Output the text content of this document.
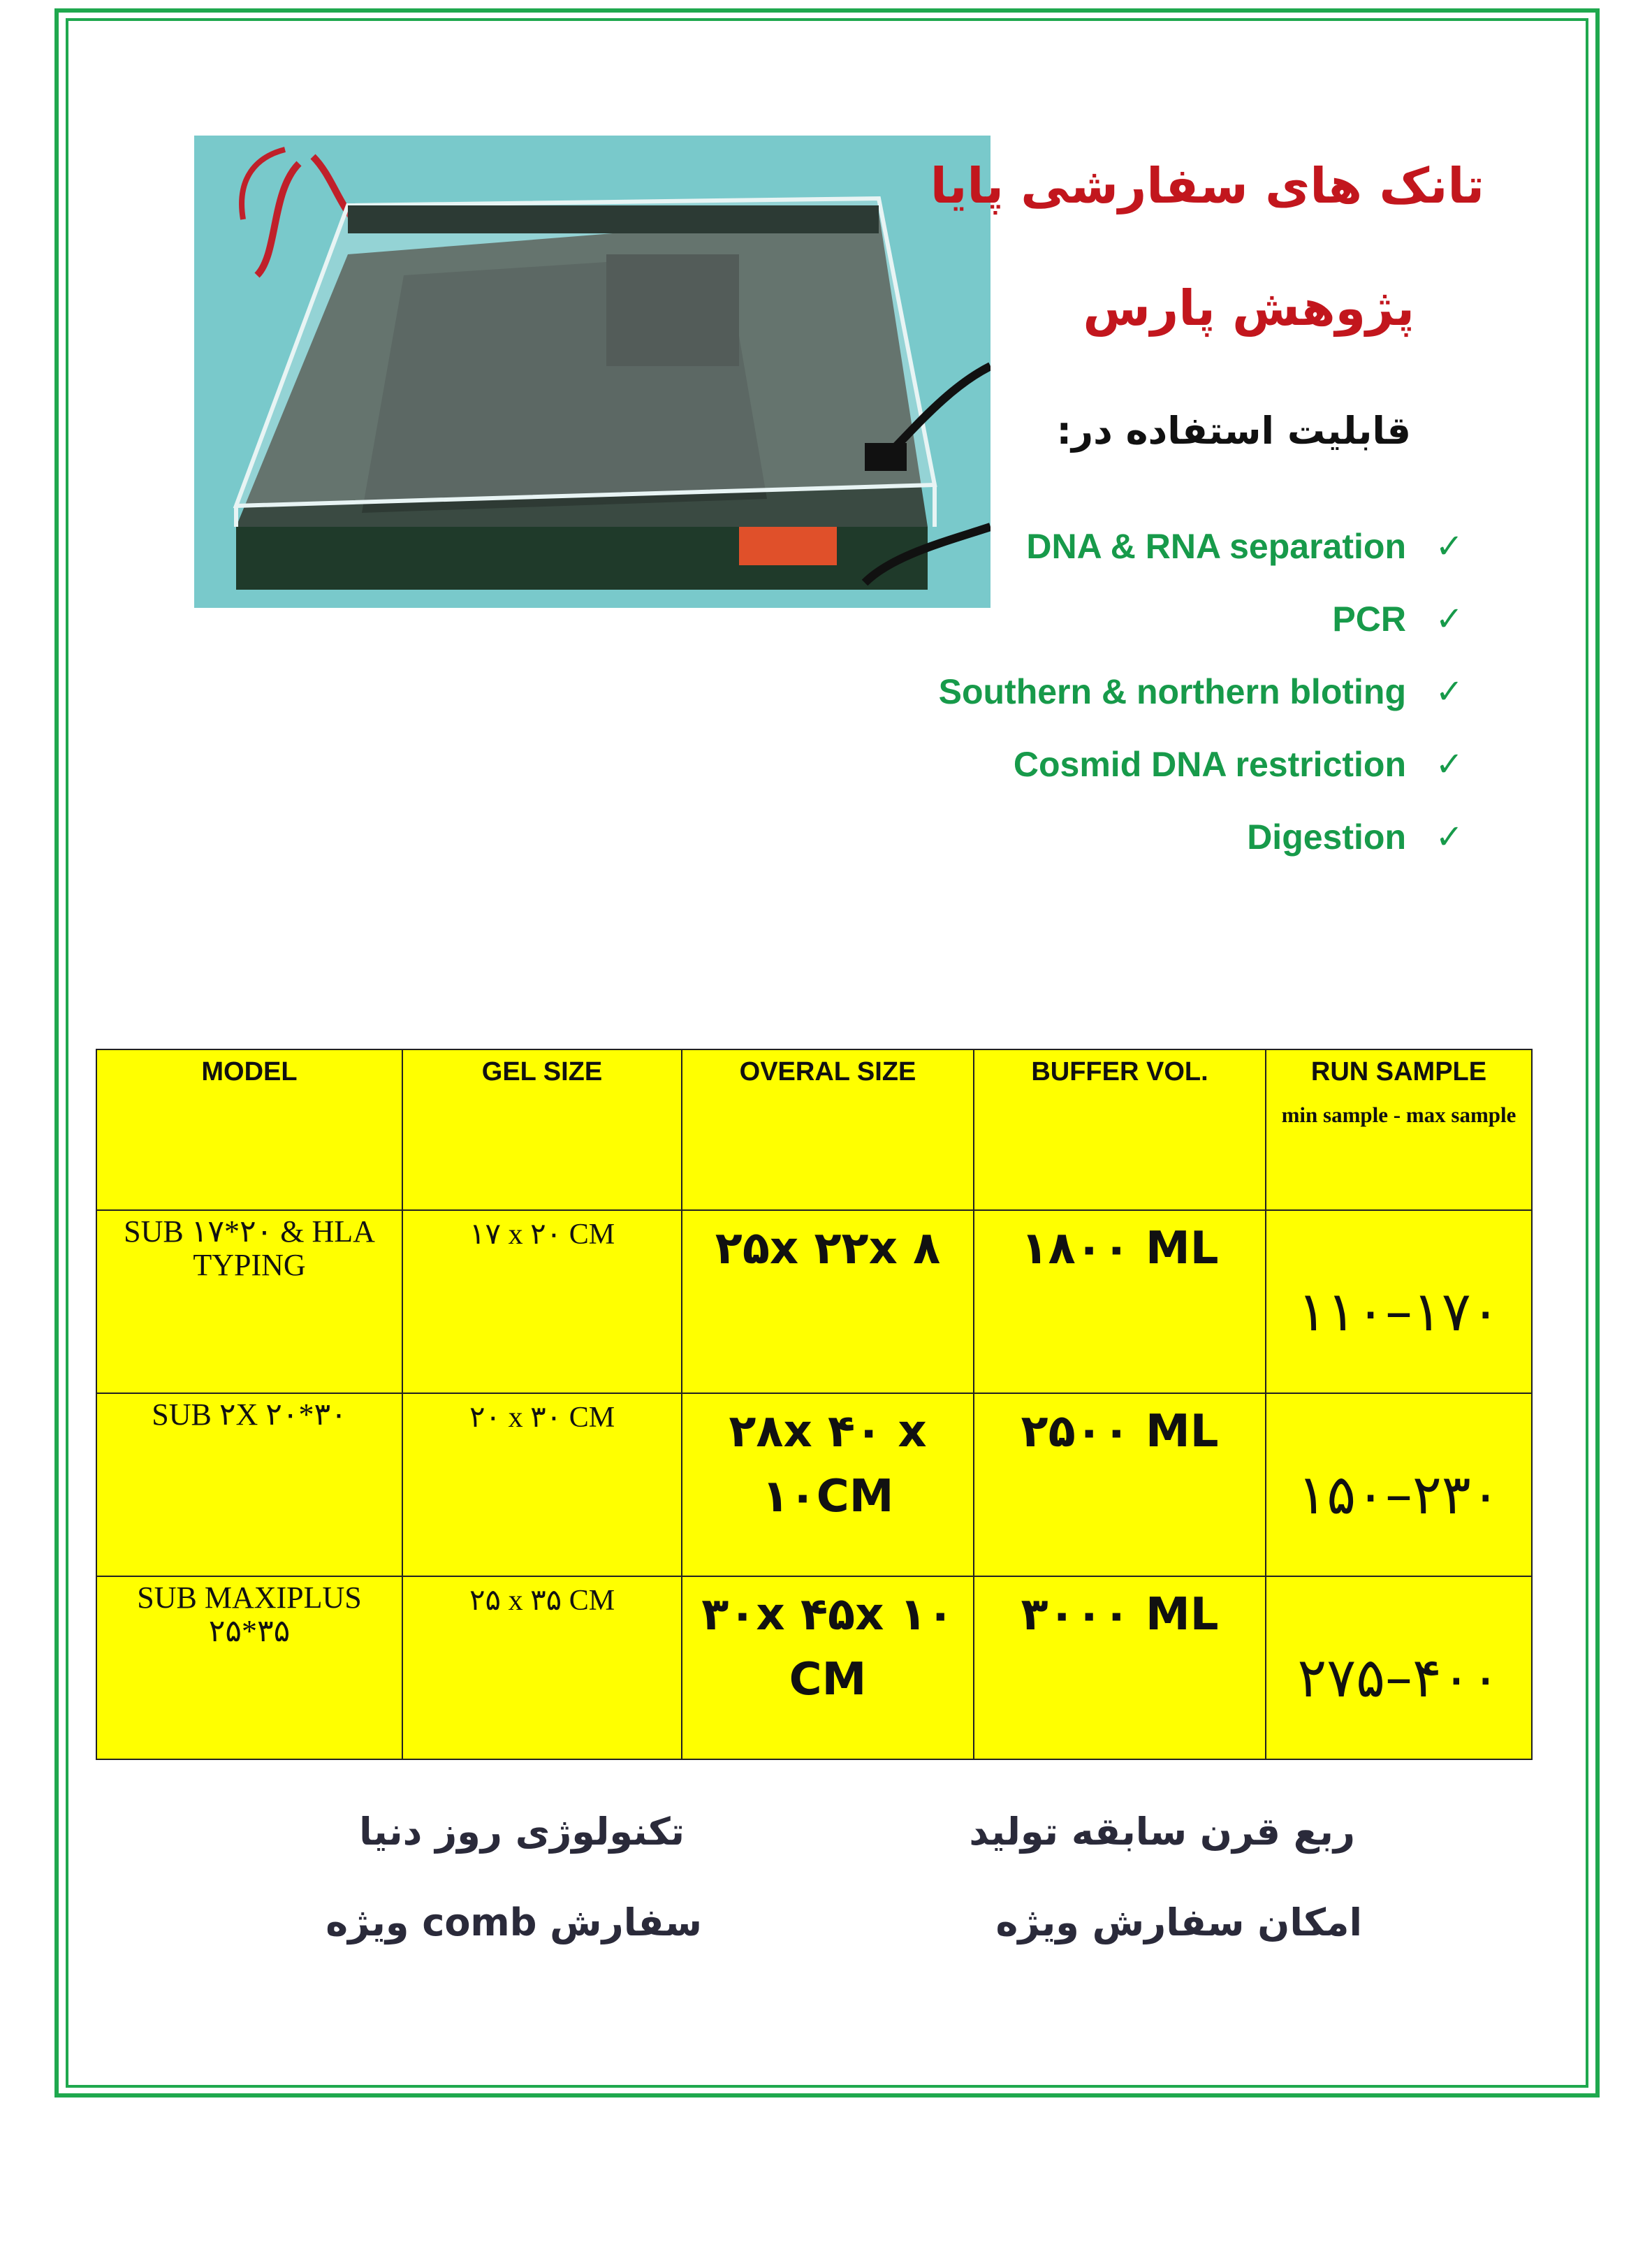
تانک های سفارشی پایا
پژوهش پارس
قابلیت استفاده در:
DNA & RNA separation ✓
PCR ✓
Southern & northern bloting ✓
Cosmid DNA restriction ✓
Digestion ✓
MODEL	GEL SIZE	OVERAL SIZE	BUFFER VOL.	RUN SAMPLE
min sample - max sample

SUB ۱۷*۲۰ & HLA TYPING	۱۷ x ۲۰ CM	۲۵x ۲۲x ۸	۱۸۰۰ ML	۱۱۰–۱۷۰
SUB ۲X ۲۰*۳۰	۲۰ x ۳۰ CM	۲۸x ۴۰ x ۱۰CM	۲۵۰۰ ML	۱۵۰–۲۳۰
SUB MAXIPLUS ۲۵*۳۵	۲۵ x ۳۵ CM	۳۰x ۴۵x ۱۰ CM	۳۰۰۰ ML	۲۷۵–۴۰۰
ربع قرن سابقه تولید
امکان سفارش ویژه
تکنولوژی روز دنیا
سفارش comb ویژه
